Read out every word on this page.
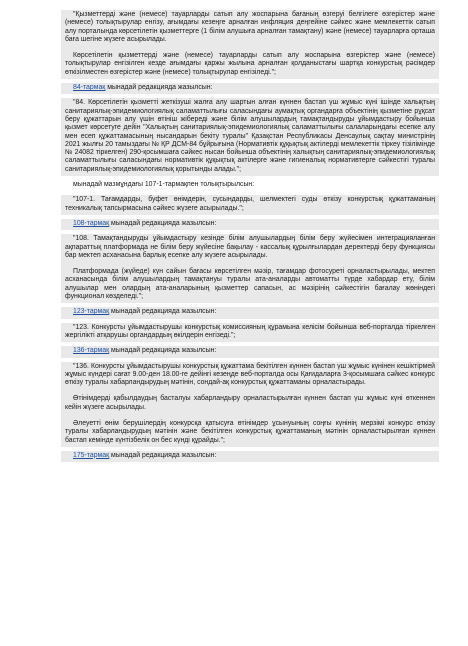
"Қызметтерді және (немесе) тауарларды сатып алу жоспарына бағаның өзгеруі белгілеге өзгерістер және (немесе) толықтырулар енгізу, ағымдағы кезеңге арналған инфляция деңгейіне сәйкес және мемлекеттік сатып алу порталында көрсетілетін қызметтерге (1 білім алушыға арналған тамақтану) және (немесе) тауарларға орташа баға шегіне жүзеге асырылады.

Көрсетілетін қызметтерді және (немесе) тауарларды сатып алу жоспарына өзгерістер және (немесе) толықтырулар енгізілген кезде ағымдағы қаржы жылына арналған қолданыстағы шартқа конкурстық рәсімдер өткізілместен өзгерістер және (немесе) толықтырулар енгізіледі.";

84-тармақ мынадай редакцияда жазылсын:

"84. Көрсетілетін қызметті жеткізуші жалға алу шартын алған күннен бастап үш жұмыс күні ішінде халықтың санитариялық-эпидемиологиялық саламаттылығы саласындағы аумақтық органдарға объектінің қызметіне рұқсат беру құжаттарын алу үшін өтініш жібереді және білім алушылардың тамақтандыруды ұйымдастыру бойынша қызмет көрсетуге дейін "Халықтың санитариялық-эпидемиологиялық саламаттылығы салаларындағы есепке алу мен есеп құжаттамасының нысандарын бекіту туралы" Қазақстан Республикасы Денсаулық сақтау министрінің 2021 жылғы 20 тамыздағы № ҚР ДСМ-84 бұйрығына (Нормативтік құқықтық актілерді мемлекеттік тіркеу тізілімінде № 24082 тіркелген) 290-қосымшаға сәйкес нысан бойынша объектінің халықтың санитариялық-эпидемиологиялық саламаттылығы саласындағы нормативтік құқықтық актілерге және гигиеналық нормативтерге сәйкестігі туралы санитариялық-эпидемиологиялық қорытынды алады.";

мынадай мазмұндағы 107-1-тармақпен толықтырылсын:

"107-1. Тағамдарды, буфет өнімдерін, сусындарды, шелмектегі суды өткізу конкурстық құжаттаманың техникалық тапсырмасына сәйкес жүзеге асырылады.";

108-тармақ мынадай редакцияда жазылсын:

"108. Тамақтандыруды ұйымдастыру кезінде білім алушылардың білім беру жүйесімен интеграцияланған ақпараттық платформада не білім беру жүйесіне бақылау - кассалық құрылғылардан деректерді беру функциясы бар мектеп асханасына барлық есепке алу жүзеге асырылады.

Платформада (жүйеде) күн сайын бағасы көрсетілген мәзір, тағамдар фотосуреті орналастырылады, мектеп асханасында білім алушылардың тамақтануы туралы ата-аналарды автоматты түрде хабардар ету, білім алушылар мен олардың ата-аналарының қызметтер сапасын, ас мәзірінің сәйкестігін бағалау жөніндегі функционал көзделеді.";

123-тармақ мынадай редакцияда жазылсын:

"123. Конкурсты ұйымдастырушы конкурстық комиссияның құрамына келісім бойынша веб-порталда тіркелген жергілікті атқарушы органдардың өкілдерін енгізеді.";

136-тармақ мынадай редакцияда жазылсын:

"136. Конкурсты ұйымдастырушы конкурстық құжаттама бекітілген күннен бастап үш жұмыс күнінен кешіктірмей жұмыс күндері сағат 9.00-ден 18.00-ге дейінгі кезеңде веб-порталда осы Қағидаларға 3-қосымшаға сәйкес конкурс өткізу туралы хабарландырудың мәтінін, сондай-ақ конкурстық құжаттаманы орналастырады.

Өтінімдерді қабылдаудың басталуы хабарландыру орналастырылған күннен бастап үш жұмыс күні өткеннен кейін жүзеге асырылады.

Әлеуетті өнім берушілердің конкурсқа қатысуға өтінімдер ұсынуының соңғы күнінің мерзімі конкурс өткізу туралы хабарландырудың мәтінін және бекітілген конкурстық құжаттаманың мәтінін орналастырылған күннен бастап кемінде күнтізбелік он бес күнді құрайды.";

175-тармақ мынадай редакцияда жазылсын:
